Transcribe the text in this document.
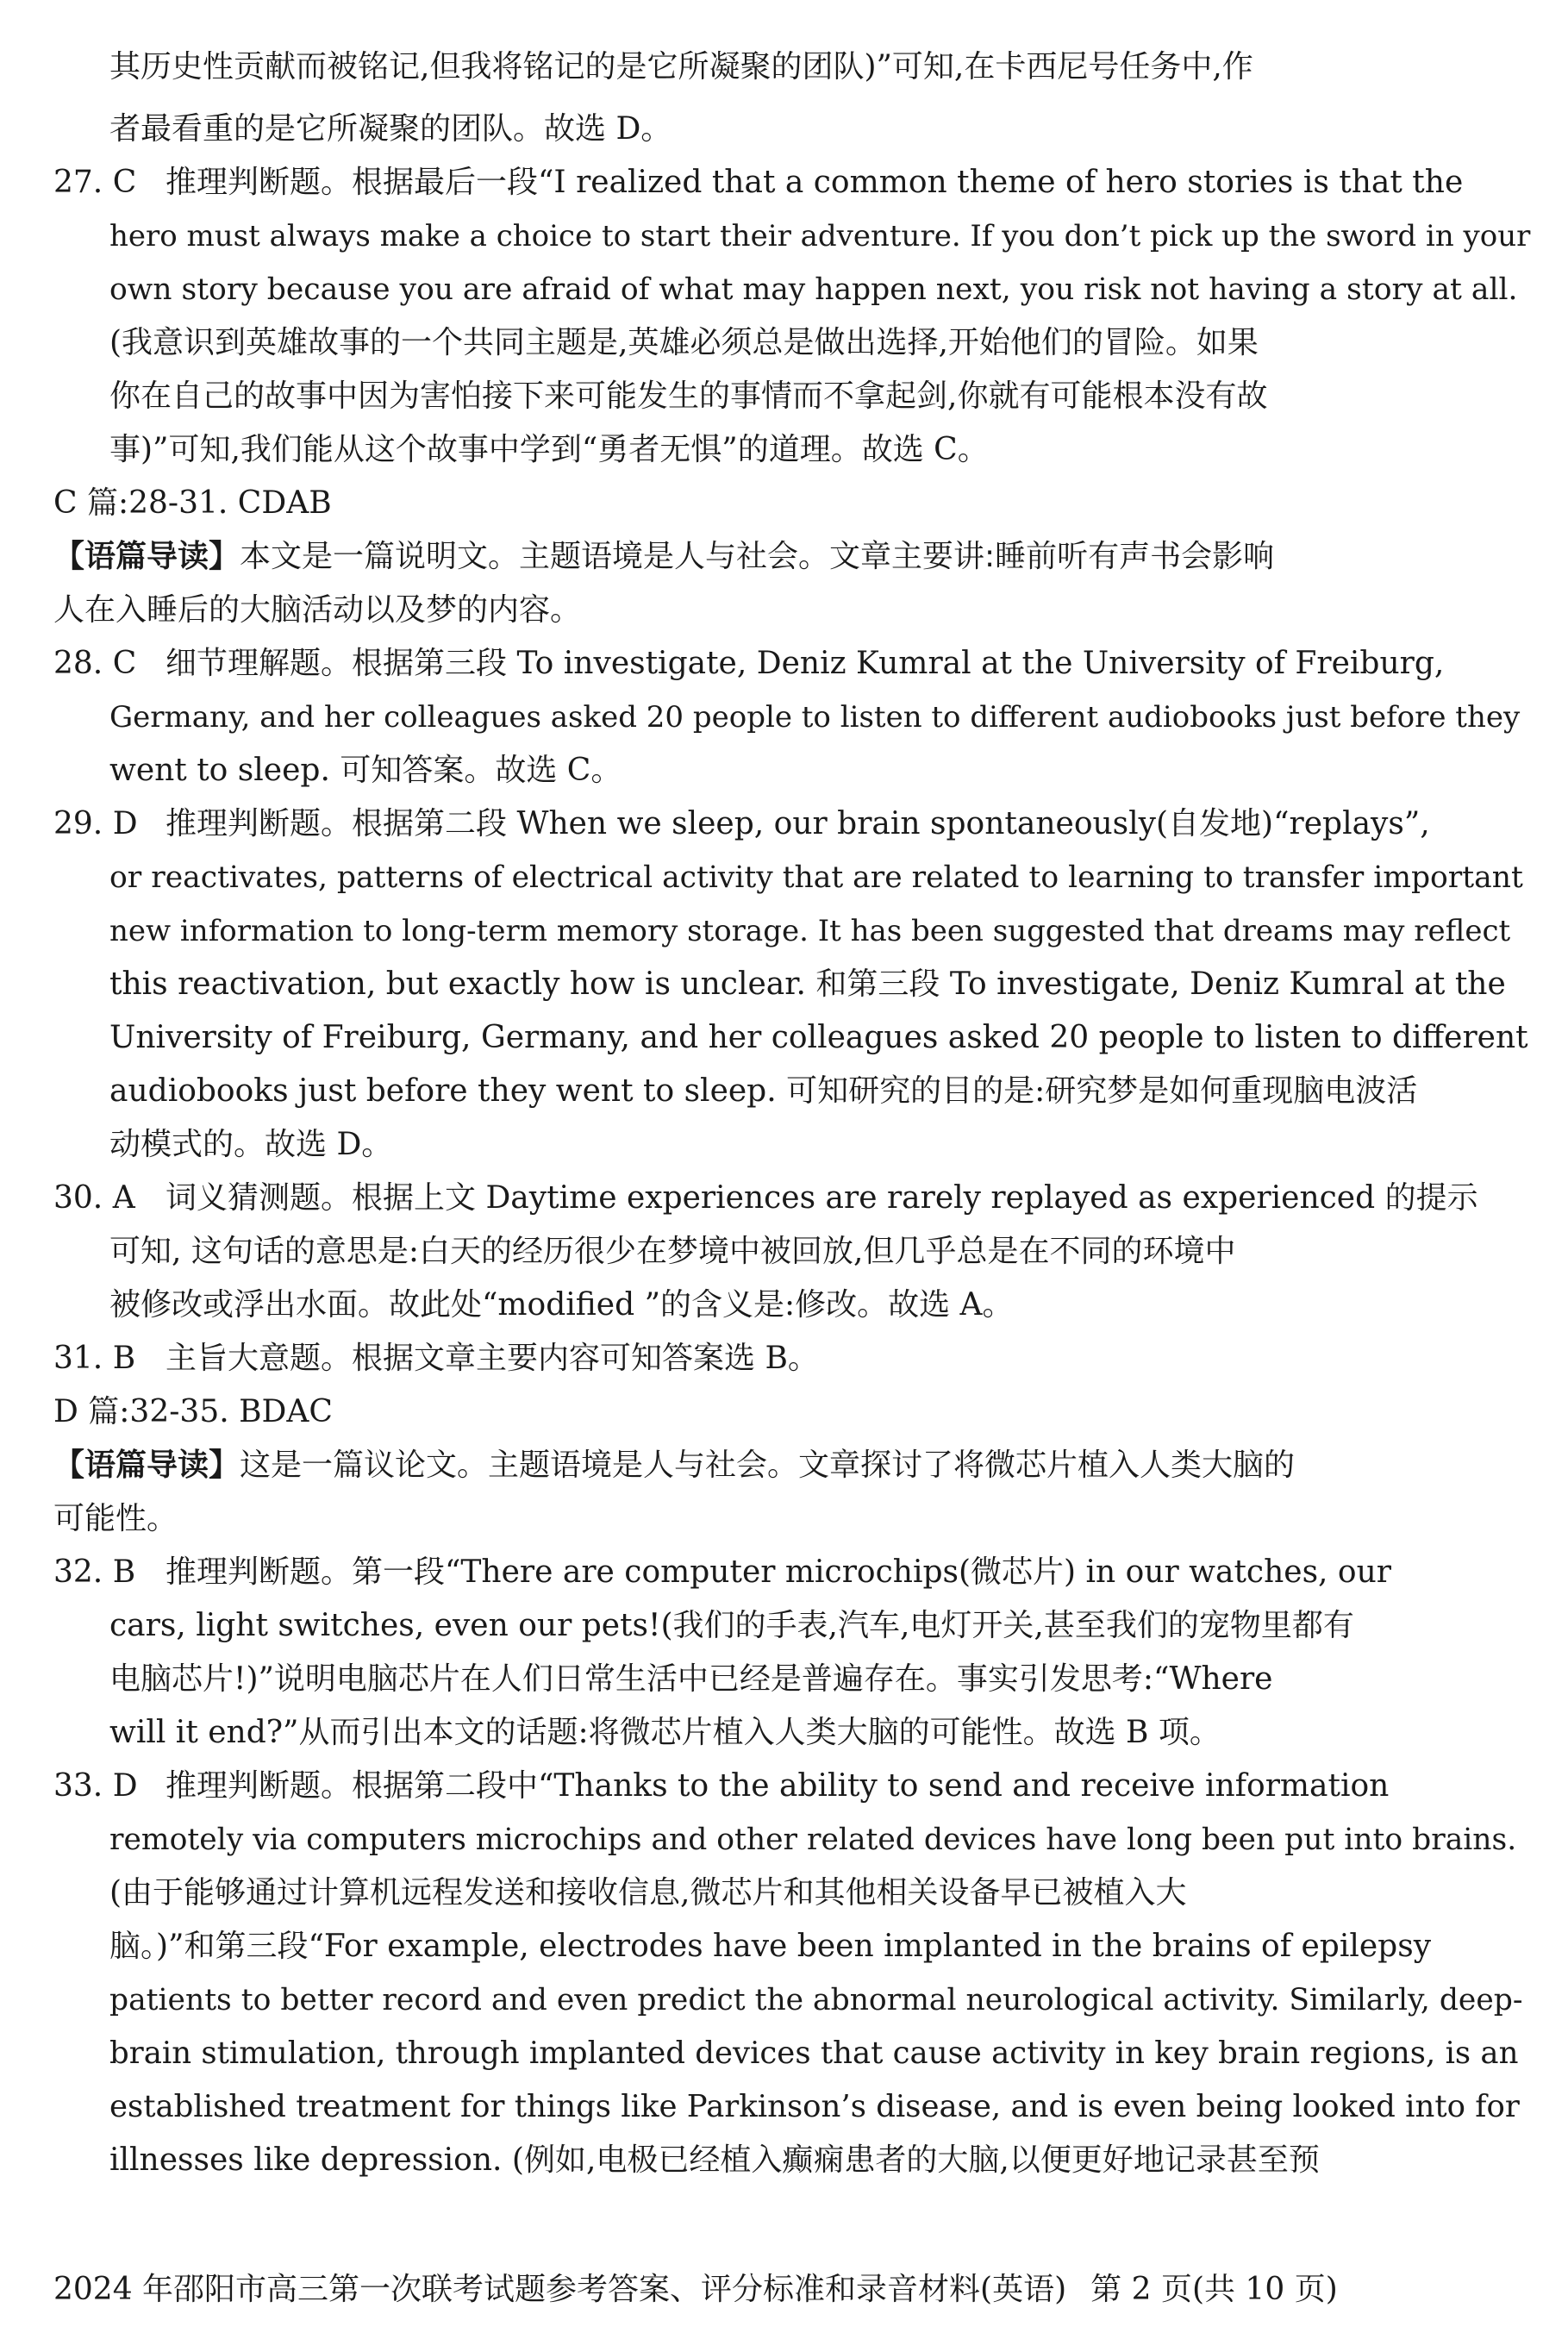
其历史性贡献而被铭记,但我将铭记的是它所凝聚的团队)”可知,在卡西尼号任务中,作
者最看重的是它所凝聚的团队。故选 D。
27. C 推理判断题。根据最后一段“I realized that a common theme of hero stories is that the
hero must always make a choice to start their adventure. If you don’t pick up the sword in your
own story because you are afraid of what may happen next, you risk not having a story at all.
(我意识到英雄故事的一个共同主题是,英雄必须总是做出选择,开始他们的冒险。如果
你在自己的故事中因为害怕接下来可能发生的事情而不拿起剑,你就有可能根本没有故
事)”可知,我们能从这个故事中学到“勇者无惧”的道理。故选 C。
C 篇:28-31. CDAB
【语篇导读】本文是一篇说明文。主题语境是人与社会。文章主要讲:睡前听有声书会影响
人在入睡后的大脑活动以及梦的内容。
28. C 细节理解题。根据第三段 To investigate, Deniz Kumral at the University of Freiburg,
Germany, and her colleagues asked 20 people to listen to different audiobooks just before they
went to sleep. 可知答案。故选 C。
29. D 推理判断题。根据第二段 When we sleep, our brain spontaneously(自发地)“replays”,
or reactivates, patterns of electrical activity that are related to learning to transfer important
new information to long-term memory storage. It has been suggested that dreams may reflect
this reactivation, but exactly how is unclear. 和第三段 To investigate, Deniz Kumral at the
University of Freiburg, Germany, and her colleagues asked 20 people to listen to different
audiobooks just before they went to sleep. 可知研究的目的是:研究梦是如何重现脑电波活
动模式的。故选 D。
30. A 词义猜测题。根据上文 Daytime experiences are rarely replayed as experienced 的提示
可知, 这句话的意思是:白天的经历很少在梦境中被回放,但几乎总是在不同的环境中
被修改或浮出水面。故此处“modified ”的含义是:修改。故选 A。
31. B 主旨大意题。根据文章主要内容可知答案选 B。
D 篇:32-35. BDAC
【语篇导读】这是一篇议论文。主题语境是人与社会。文章探讨了将微芯片植入人类大脑的
可能性。
32. B 推理判断题。第一段“There are computer microchips(微芯片) in our watches, our
cars, light switches, even our pets!(我们的手表,汽车,电灯开关,甚至我们的宠物里都有
电脑芯片!)”说明电脑芯片在人们日常生活中已经是普遍存在。事实引发思考:“Where
will it end?”从而引出本文的话题:将微芯片植入人类大脑的可能性。故选 B 项。
33. D 推理判断题。根据第二段中“Thanks to the ability to send and receive information
remotely via computers microchips and other related devices have long been put into brains.
(由于能够通过计算机远程发送和接收信息,微芯片和其他相关设备早已被植入大
脑。)”和第三段“For example, electrodes have been implanted in the brains of epilepsy
patients to better record and even predict the abnormal neurological activity. Similarly, deep-
brain stimulation, through implanted devices that cause activity in key brain regions, is an
established treatment for things like Parkinson’s disease, and is even being looked into for
illnesses like depression. (例如,电极已经植入癫痫患者的大脑,以便更好地记录甚至预
2024 年邵阳市高三第一次联考试题参考答案、评分标准和录音材料(英语) 第 2 页(共 10 页)
